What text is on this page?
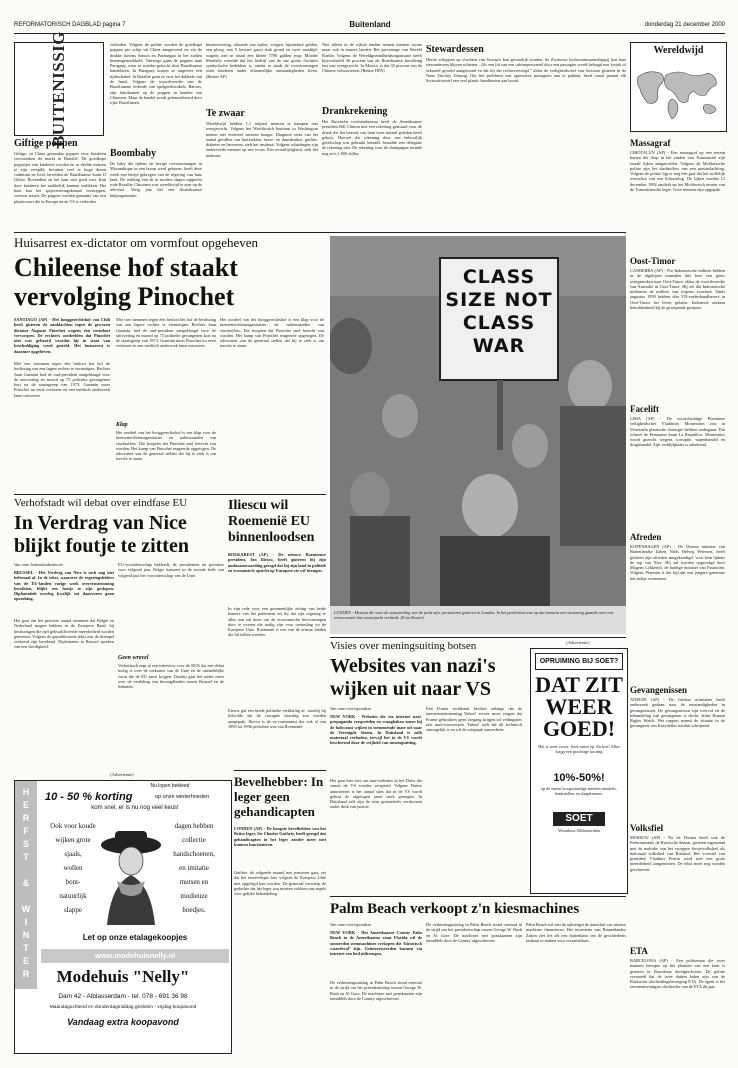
REFORMATORISCH DAGBLAD pagina 7	Buitenland	donderdag 21 december 2000
BUITENISSIG
Giftige poppen
Giftige, in China gemaakte poppen voor kinderen veroorzaken de markt in Brazilië. De goedkope poppetjes van kinderen worden en in deelde massen te zijn verspild, bevatten veel te hoge dosen cadmium en lood, bevelden de Braziliaanse krant O Globo. Bovendien zit het haar niet goed vast. Kan door kinderen het makkelijk kunnen inslikken. Het haar kan het spijsverteringskanaal verstoppen, vreesen artsen. De poppen worden gemaakt van een plasticsoort die in Europa en de VS is verboden.
verboden. Volgens de politie worden de goedkope poppen per schip uit China aangevoerd en via de drukke havens Santos en Paranagua in het zuiden binnengesmokkeld. Vanwege gaan de poppen naar Paraguay, waar ze worden gekocht door Braziliaanse handelaren. In Paraguay kosten ze ongeveer een tijdsschakel. In Brazilië gaan ze voor het dubbele van de hand. Volgens de woordvoerder van de Braziliaanse federale van spelgoedwinkels, Bairras, zijn fabrikanten op de poppen in handen van Chinezen. Maar de handel wordt geframaliseerd door rijke Brazilianen.
Boombaby
De baby die tijdens de hevige overstromingen in Mozambique in een boom werd geboren, heeft deze week een beetje gekregen van de regering van haar land. De redding van de in moders dagen sapperlot rode Rosalite Chissinea was wereldwijd te zien op de televisie. Vorig jaar liet een Amerikaanse hulporganisatie.
binnenvoering, alsmede van stalen, voegen, bijzondere gelden, een ploeg, een 5 hectare groot stuk grond en twee maaltijd-wagens met in totaal een kleine 7700 gulden erop. Moeder Marthely vertelde dat het bedrijf van de ene grotte dochters symbolische bedekken is, omdat er sinds de overstromingen wide kinderen onder erbarmelijke omstandigheden leven. (Reuter AP)
Te zwaar
Wereldwijd hebben 1,1 miljard mensen te kampen met overgewicht. Volgens het Worldwatch Instituut in Washington nemen met evenveel mensen honger. Diagnose ziekt van het aantal gevallen van hartziekten, beroe- en darmkanker, gerlitis, diabetes en beroerten, stelt het instituut. Volgens schattingen zijn ondervoede mensen op een ervan. Een zwaarlijvigheid, stelt het instituut.
Niet alleen in de rijkste landen nemen mensen zwaar maar ook in armere landen. Het percentage van Wereld Barilla. Volgens de Wereldgezondheidsorganisatie heeft bijvoorbeeld 36 procent van de Braziliaanse bevolking last van overgewicht. In Mexico is dat 35 procent van de Chinese volwassenen. (Reuter DPA)
Drankrekening
Het Russische toeristenbureau heeft de Amerikaanse president Bill Clinton niet een rekening gestuurd voor de drank die het bezoek van hem twee maand geleden heeft gekost. Hoewel die rekening door een behoorlijk gezelschap was gebruikt betaald, betaalde een delegatie de rekening niet. De rekening voor de champagne ruimde nog zo'n 1.800 dollar.
Stewardessen
Hertie schoppen op vluchten van Swissair kan gevaarlijk worden: de Zwitserse luchtvaartmaatschappij laat haar stewardessen blijven schieten. „Als een lid van een cabinepersoneel door een passagier wordt belaagd met fysiek of seksueel geweld aangetoond en dat bij dat rechtsvervolgd.” aldus de veiligheidschef van Swissair gisteren in de Neue Zürcher Zeitung. Om het probleem van agressieve passagiers aan te pakken, heeft vanaf januari elk Swissairtoestel een veel plastic handboeien aan boord.
Wereldwijd
Massagraf
CHIOTALUN (AP) - Een massagraf op een terrein buiten het dorp in het zuiden van Transnistrië zijn twaalf lijken aangetroffen. Volgens de Moldavische politie zijn het slachtoffers van een massaslachting. Volgens de politie ligt er nog één graf dat het stoffelijk overschot van een lichtoorlog. De lijken werden 12 december 1992 ontdekt op het Moldavisch terrein van de Transnistrische leger. Twee mensen zijn opgepakt.
Oost-Timor
CANBERRA (AP) - Pro-Indonesische milities hebben in de afgelopen maanden drie keer een grens overgestoken naar Oost-Timor, aldus de woordvoerder van Australië in Oost-Timor. Hij zei dat Indonesische militairen de milities van wapens voorzien. Sinds augustus 1999 hebben drie VN-vredeshandhavers in Oost-Timor het leven gelaten. Indonesië ontkent betrokkenheid bij de gewapende groepen.
Facelift
LIMA (AP) - De voortvluchtige Peruaanse veiligheidschef Vladimiro Montesinos zou in Venezuela plastische chirurgie hebben ondergaan. Dat schreef de Peruaanse krant La Republica. Montesinos wordt gezocht wegens corruptie, wapenhandel en drugshandel. Zijn verblijfplaats is onbekend.
Afreden
KOPENHAGEN (AP) - De Deense minister van Buitenlandse Zaken Niels Helveg Petersen, heeft gisteren zijn aftreden aangekondigd, voor hem tijdens de top van Nice. Hij zal worden opgevolgd door Mogens Lykketoft, de huidige minister van Financiën. Volgens Petersen is het tijd dat een jongere generatie het stokje overneemt.
Gevangenissen
ATHENE (AP) - De Griekse ministerie heeft onderzoek gedaan naar de omstandigheden in gevangenissen. De gevangenissen zijn overvol en de behandeling van gevangenen is slecht, aldus Human Rights Watch. Het rapport noemt de situatie in de gevangenis van Korydallos ronduit schrijnend.
Volksfiel
MOSKOU (AP) - Na de Doema heeft ook de Federatieraad, de Russische Senaat, gisteren ingestemd met de melodie van het vroegere Sovjetvolkslied als nationaal volkslied van Rusland. Het voorstel van president Vladimir Poetin werd met een grote meerderheid aangenomen. De tekst moet nog worden geschreven.
ETA
BARCELONA (AP) - Een politieman die twee mannen betrapte op het plaatsen van een bom is gisteren in Barcelona doodgeschoten. De politie vermoedt dat de twee daders leden zijn van de Baskische afscheidingsbeweging ETA. De agent is het zevenentwintigste slachtoffer van de ETA dit jaar.
Huisarrest ex-dictator om vormfout opgeheven
Chileense hof staakt vervolging Pinochet
SANTIAGO (AP) - Het hooggerechtshof van Chili heeft gisteren de aanklachten tegen de gewezen dictator Augusto Pinochet wegens een vormfout verworpen. De rechters oordeelden dat Pinochet niet was gehoord voordat hij in staat van beschuldiging werd gesteld. Het huisarrest is daarmee opgeheven.
Met vier stemmen tegen één besloot het hof de beslissing van een lagere rechter te vernietigen. Rechter Juan Guzmán had de oud-president aangeklaagd voor de ontvoering en moord op 75 politieke gevangenen kort na de staatsgreep van 1973. Guzmán moet Pinochet nu eerst verhoren en een medisch onderzoek laten uitvoeren.
Met vier stemmen tegen één besloot het hof de beslissing van een lagere rechter te vernietigen. Rechter Juan Guzmán had de oud-president aangeklaagd voor de ontvoering en moord op 75 politieke gevangenen kort na de staatsgreep van 1973. Guzmán moet Pinochet nu eerst verhoren en een medisch onderzoek laten uitvoeren.
Klap
Het oordeel van het hooggerechtshof is een klap voor de mensenrechtenorganisaties en nabestaanden van slachtoffers. Die hoopten dat Pinochet snel berecht zou worden. Het kamp van Pinochet reageerde opgetogen. De advocaten van de generaal stellen dat hij te ziek is om terecht te staan.
Het oordeel van het hooggerechtshof is een klap voor de mensenrechtenorganisaties en nabestaanden van slachtoffers. Die hoopten dat Pinochet snel berecht zou worden. Het kamp van Pinochet reageerde opgetogen. De advocaten van de generaal stellen dat hij te ziek is om terecht te staan.
CLASS SIZE NOT CLASS WAR
LONDEN - Mensen die voor de ontzuiveling van de jacht zijn, protesteren gisteren in Londen. In het parlement was op dat moment een stemming gaande over een wetsvoorstel dat vossenjacht verbiedt. (Foto Reuter)
Verhofstadt wil debat over eindfase EU
In Verdrag van Nice blijkt foutje te zitten
Van onze buitenlandredactie
BRUSSEL - Het Verdrag van Nice is toch nog niet helemaal af. In de tekst, waarover de regeringsleiders van de EU-landen vorige week overeenstemming bereikten, blijkt een foutje te zijn geslopen. Diplomatiek overleg kwalijk tot daarvoren gaan opzoeking.
Het gaat om het precieze aantal stemmen dat België en Nederland mogen hebben in de Europese Raad, bij beslissingen die met gekwalificeerde meerderheid worden genomen. Volgens de gepubliceerde tekst zou de drempel verkeerd zijn berekend. Diplomaten in Brussel spreken van een slordigheid.
EU-voorzitterschap bekleedt, de presidenten en premiers voor volgend jaar. Belgie kanteert in de tweede helft van volgend jaar het voorzitterschap van de Unie.
Geen wrevel
Verhofstadt zegt in een interview voor de NOS dat een debat nodig is over de toekomst van de Unie en de uiteindelijke vorm die de EU moet krijgen. Daarbij gaat het onder meer over de verdeling van bevoegdheden tussen Brussel en de lidstaten.
Iliescu wil Roemenië EU binnenloodsen
BOEKAREST (AP) - De nieuwe Roemeense president, Ion Iliescu, heeft gisteren bij zijn ambtsaanvaarding gezegd dat hij zijn land in politiek en economisch opzicht op Europese ste wil brengen.
In zijn rede voor een gezamenlijke zitting van beide kamers van het parlement zei hij dat zijn regering er alles aan zal doen om de economische hervormingen door te voeren die nodig zijn voor toetreding tot de Europese Unie. Roemenië is een van de armste landen die lid willen worden.
Iliescu gaf een brede politieke verklaring af, waarbij hij beloofde dat de corruptie krachtig zou worden aangepakt. Iliescu is de ex-communist die ook al van 1990 tot 1996 president was van Roemenië.
Visies over meningsuiting botsen
Websites van nazi's wijken uit naar VS
Van onze correspondent
NEW YORK - Websites die via internet nazi-propaganda verspreiden en vraagbaken tonen bij de holocaust wijken in toenemende mate uit naar de Verenigde Staten. In Duitsland is zulk materiaal verboden, terwijl het in de VS wordt beschermd door de vrijheid van meningsuiting.
Het gaat hier niet om naai-websites in het Duits die vanuit de VS worden verspreid. Volgens Duitse autoriteiten is het aantal sites dat in de VS wordt gehost de afgelopen jaren sterk gestegen. In Duitsland zelf zijn de sites grotendeels verdwenen onder druk van justitie.
Een Franse rechtbank besliste onlangs dat de internetonderneming Yahoo! ervoor moet zorgen dat Franse gebruikers geen toegang krijgen tot veilingsites met nazi-voorwerpen. Yahoo! stelt dat dit technisch onmogelijk is en wil de uitspraak aanvechten.
(Advertentie)
OPRUIMING BIJ SOET?
DAT ZIT WEER GOED!
Het is weer zover: Soet ruimt op. En hoe! Alles krijgt een prachtige korting
10%-50%!
op de meest hoogwaardige merken meubels, bankstellen en slaapkamers.
SOET
Woonhuis Alblasserdam
(Advertentie)
HERFST & WINTER
Nu lopen bekleed
10 - 50 % korting	op onze winterhoeden
kom snel, er is nu nog veel keus!
Ook voor koude
wijken grote
sjaals,
wollen
bont-
natuurlijk
slappe
dagen hebben
collectie
handschoenen,
en imitatie
mutsen en
modieuze
hoedjes.
Let op onze etalagekoopjes
www.modehuisnelly.nl
Modehuis "Nelly"
Dam 42 - Alblasserdam - tel. 078 - 691 36 98
Maandagochtend en donderdagmiddag gesloten - vrijdag koopavond
Vandaag extra koopavond
Bevelhebber: In leger geen gehandicapten
LONDEN (AP) - De hoogste bevelhebber van het Britse leger, Sir Charles Guthrie, heeft gezegd dat gehandicapten in het leger zonder meer niet kunnen functioneren.
Guthrie, de volgende maand met pensioen gaat, zei dat het reserveleger hier volgens de Europese Unie niet opgelegd kan worden. De generaal verwierp de gedachte dat het leger zou moeten voldoen aan regels voor gelijke behandeling.
Palm Beach verkoopt z'n kiesmachines
Van onze correspondent
NEW YORK - Het Amerikaanse County Palm Beach in de Amerikaanse staat Florida wil de omstreden stemmachines verkopen die ‘historisch waardevol’ zijn. Geïnteresseerden kunnen via internet een bod uitbrengen.
De verkiezingsuitslag in Palm Beach stond centraal in de strijd om het presidentschap tussen George W. Bush en Al Gore. De machines met ponskaarten zijn inmiddels door de County afgeschreven.
De verkiezingsuitslag in Palm Beach stond centraal in de strijd om het presidentschap tussen George W. Bush en Al Gore. De machines met ponskaarten zijn inmiddels door de County afgeschreven.
Palm Beach wil met de opbrengst de aanschaf van nieuwe machines financieren. Het ministerie van Binnenlandse Zaken ziet het als een buitenkans om de geschiedenis tastbaar te maken voor verzamelaars.
